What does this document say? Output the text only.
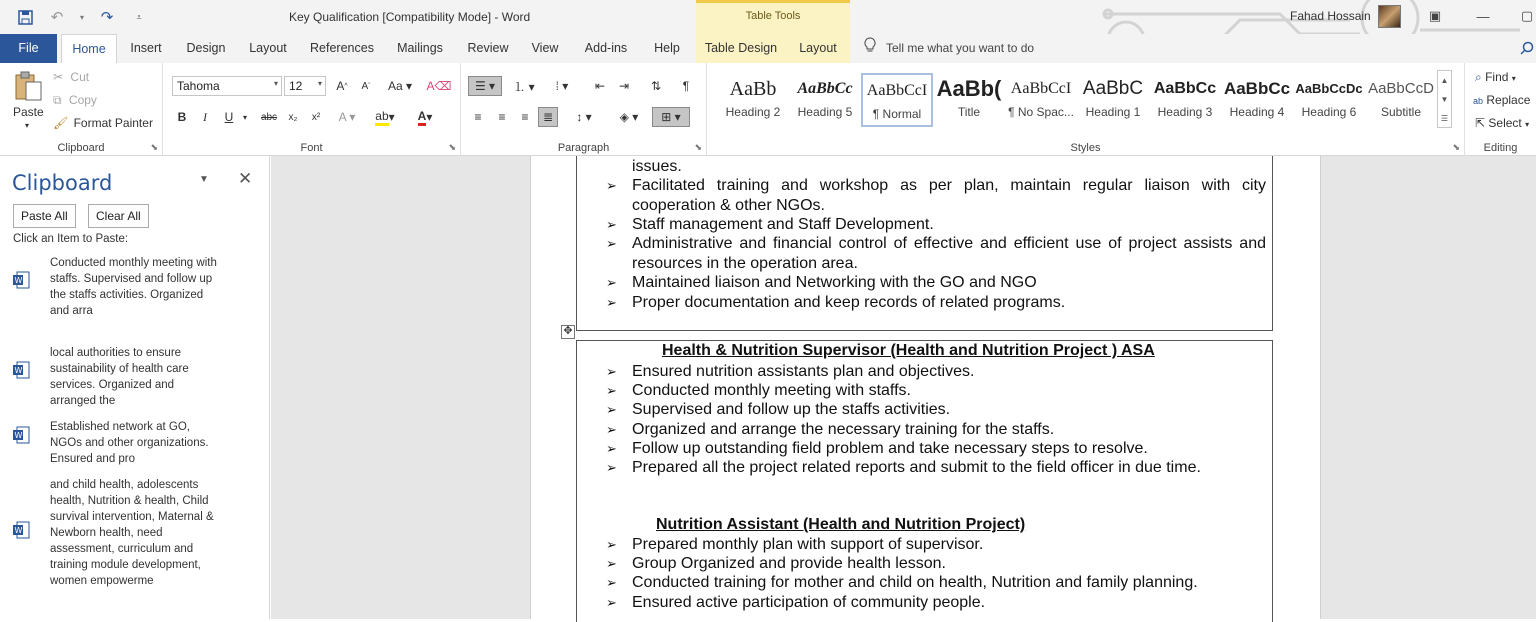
↶	▾	↷	⩡	Key Qualification [Compatibility Mode] - Word	Table Tools	Fahad Hossain	▣	—	▢
File	Home	Insert	Design	Layout	References	Mailings	Review View	Add-ins	Help	Table Design	Layout	Tell me what you want to do
Paste
▾
✂ Cut
⧉ Copy
🖌 Format Painter
Clipboard	⬊
Tahoma	▾ 12 ▾	A ^	A ˇ Aa ▾ A⌫
B	I	U	▾	abc	x₂	x²	A ▾ ab ▾ A ▾
Font	⬊
☰ ▾	⒈ ▾	⁞ ▾	⇤	⇥	⇅	¶
≡	≡	≡	≣	↕ ▾	◈ ▾	⊞ ▾
Paragraph	⬊
AaBb
Heading 2
AaBbCc
Heading 5
AaBbCcI
¶ Normal
AaBb(
Title
AaBbCcI
¶ No Spac...
AaBbC
Heading 1
AaBbCc
Heading 3
AaBbCc
Heading 4
AaBbCcDc
Heading 6
AaBbCcD
Subtitle
▲
▼
☰
Styles	⬊
⌕ Find ▾
ab Replace
⇱ Select ▾
Editing
Clipboard	▼ ✕
Paste All	Clear All
Click an Item to Paste:
W
Conducted monthly meeting with staffs. Supervised and follow up the staffs activities. Organized and arra
W
local authorities to ensure sustainability of health care services. Organized and arranged the
W
Established network at GO, NGOs and other organizations. Ensured and pro
W
and child health, adolescents health, Nutrition & health, Child survival intervention, Maternal & Newborn health, need assessment, curriculum and training module development, women empowerme
✥
issues.
➢ Facilitated training and workshop as per plan, maintain regular liaison with city cooperation & other NGOs.
➢ Staff management and Staff Development.
➢ Administrative and financial control of effective and efficient use of project assists and resources in the operation area.
➢ Maintained liaison and Networking with the GO and NGO
➢ Proper documentation and keep records of related programs.
Health & Nutrition Supervisor (Health and Nutrition Project ) ASA
➢ Ensured nutrition assistants plan and objectives.
➢ Conducted monthly meeting with staffs.
➢ Supervised and follow up the staffs activities.
➢ Organized and arrange the necessary training for the staffs.
➢ Follow up outstanding field problem and take necessary steps to resolve.
➢ Prepared all the project related reports and submit to the field officer in due time.
Nutrition Assistant (Health and Nutrition Project)
➢ Prepared monthly plan with support of supervisor.
➢ Group Organized and provide health lesson.
➢ Conducted training for mother and child on health, Nutrition and family planning.
➢ Ensured active participation of community people.
